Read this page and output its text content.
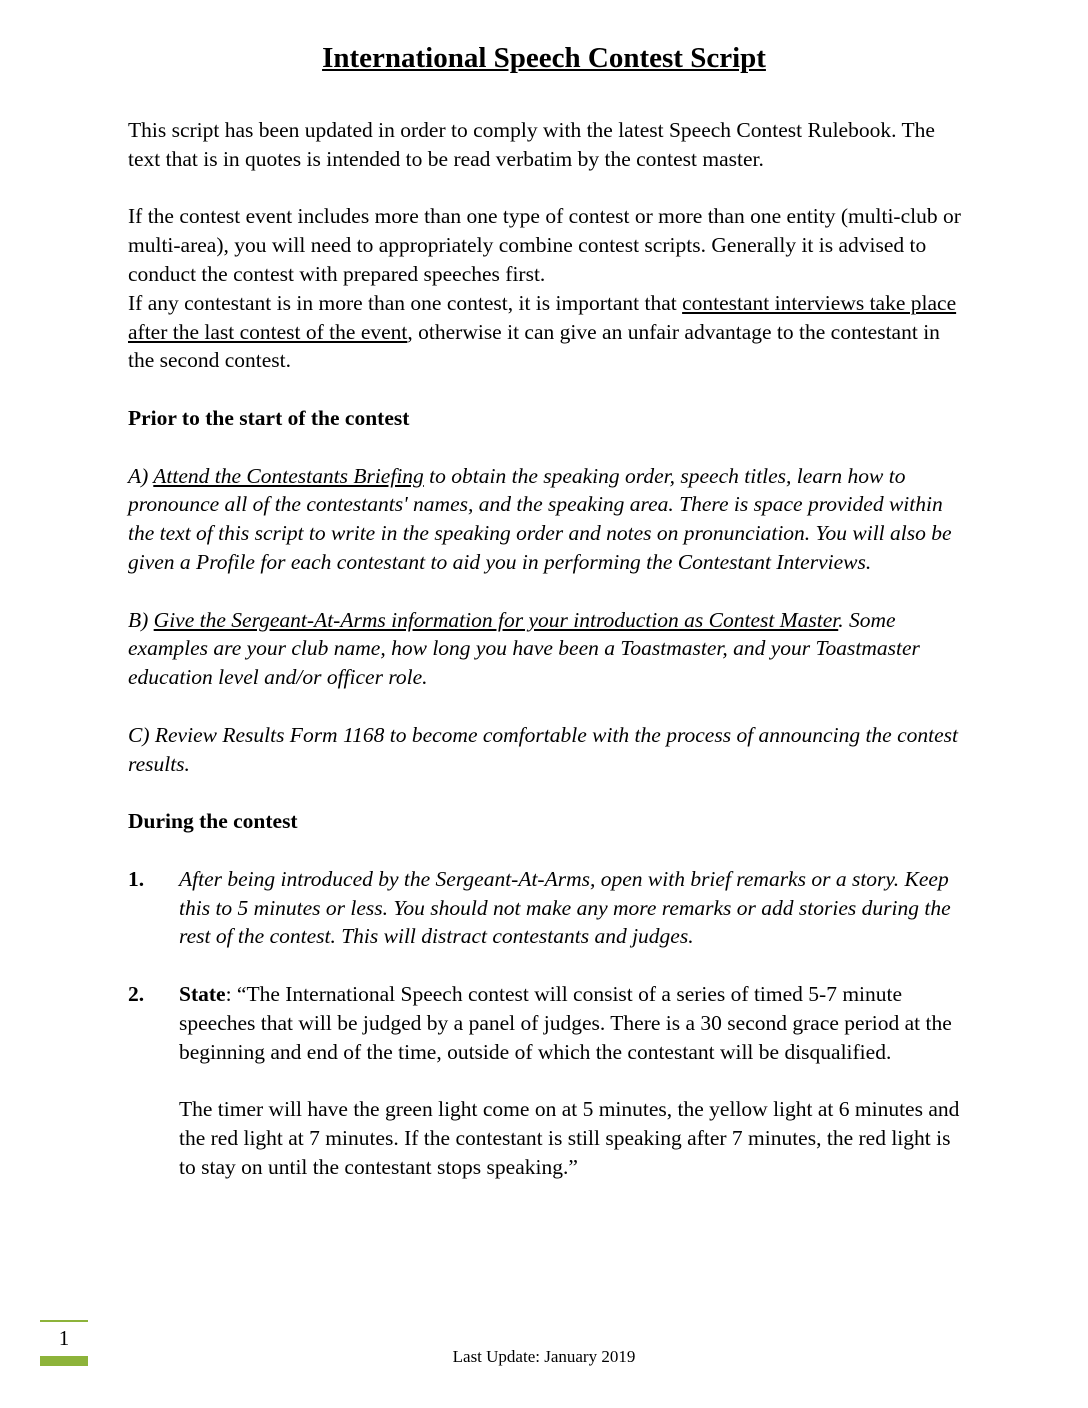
International Speech Contest Script

This script has been updated in order to comply with the latest Speech Contest Rulebook. The text that is in quotes is intended to be read verbatim by the contest master.

If the contest event includes more than one type of contest or more than one entity (multi-club or multi-area), you will need to appropriately combine contest scripts. Generally it is advised to conduct the contest with prepared speeches first.
If any contestant is in more than one contest, it is important that contestant interviews take place after the last contest of the event, otherwise it can give an unfair advantage to the contestant in the second contest.

Prior to the start of the contest

A) Attend the Contestants Briefing to obtain the speaking order, speech titles, learn how to pronounce all of the contestants' names, and the speaking area. There is space provided within the text of this script to write in the speaking order and notes on pronunciation. You will also be given a Profile for each contestant to aid you in performing the Contestant Interviews.

B) Give the Sergeant-At-Arms information for your introduction as Contest Master. Some examples are your club name, how long you have been a Toastmaster, and your Toastmaster education level and/or officer role.

C) Review Results Form 1168 to become comfortable with the process of announcing the contest results.

During the contest

1. After being introduced by the Sergeant-At-Arms, open with brief remarks or a story. Keep this to 5 minutes or less. You should not make any more remarks or add stories during the rest of the contest. This will distract contestants and judges.
2. State: “The International Speech contest will consist of a series of timed 5-7 minute speeches that will be judged by a panel of judges. There is a 30 second grace period at the beginning and end of the time, outside of which the contestant will be disqualified.

The timer will have the green light come on at 5 minutes, the yellow light at 6 minutes and the red light at 7 minutes. If the contestant is still speaking after 7 minutes, the red light is to stay on until the contestant stops speaking.”

1
Last Update: January 2019
